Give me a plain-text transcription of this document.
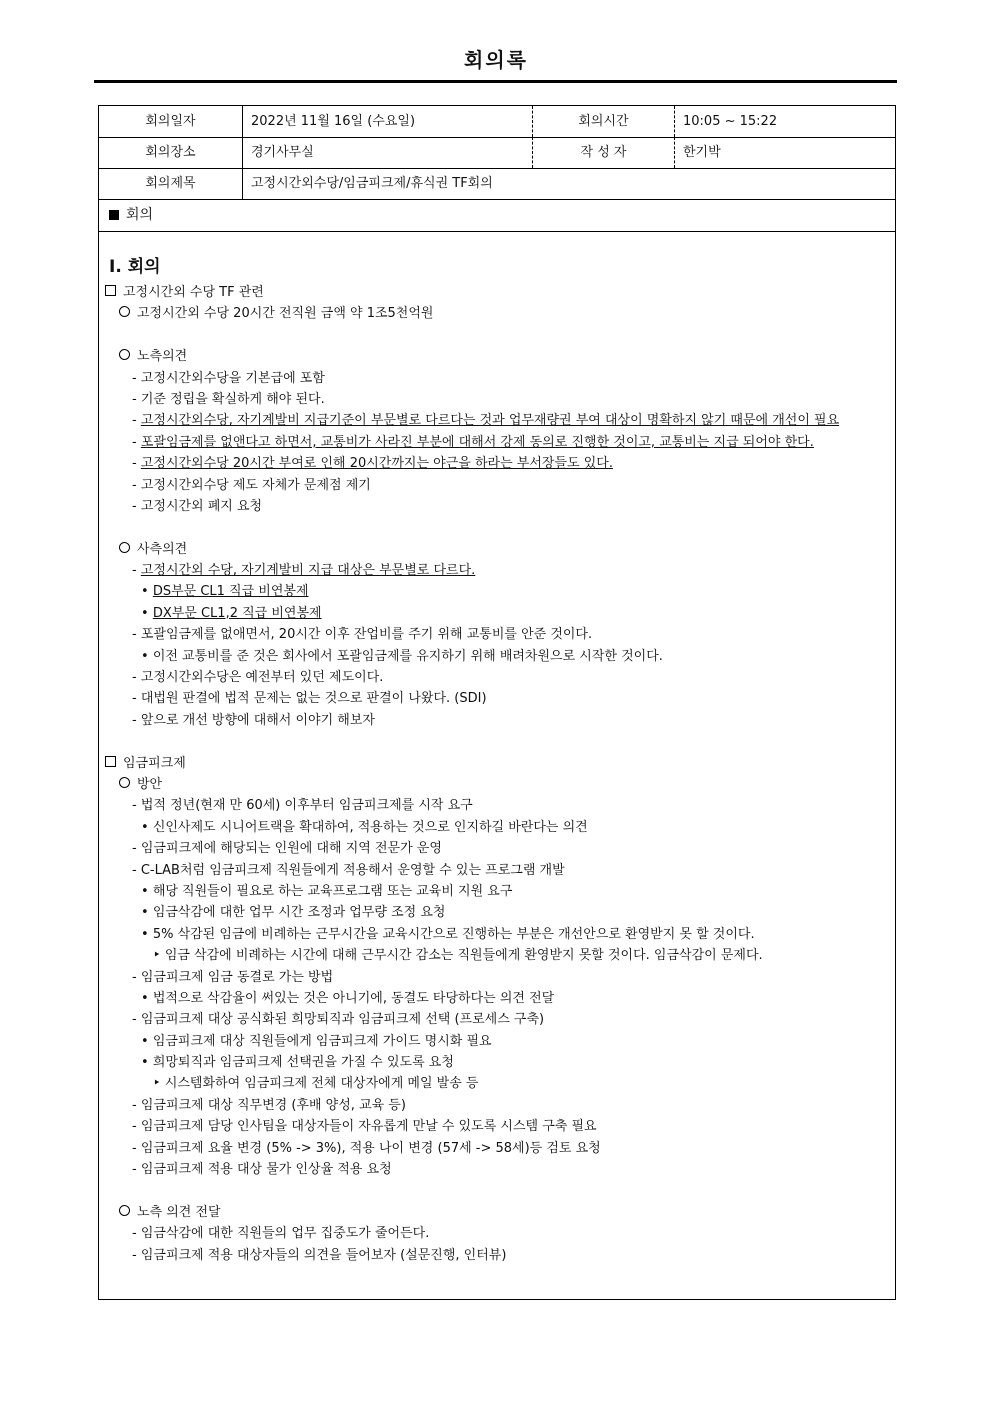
회의록
회의일자	2022년 11월 16일 (수요일)	회의시간	10:05 ~ 15:22
회의장소	경기사무실	작 성 자	한기박
회의제목	고정시간외수당/임금피크제/휴식권 TF회의
회의
Ⅰ. 회의
고정시간외 수당 TF 관련
고정시간외 수당 20시간 전직원 금액 약 1조5천억원
노측의견
- 고정시간외수당을 기본급에 포함
- 기준 정립을 확실하게 해야 된다.
- 고정시간외수당, 자기계발비 지급기준이 부문별로 다르다는 것과 업무재량권 부여 대상이 명확하지 않기 때문에 개선이 필요
- 포괄임금제를 없앤다고 하면서, 교통비가 사라진 부분에 대해서 강제 동의로 진행한 것이고, 교통비는 지급 되어야 한다.
- 고정시간외수당 20시간 부여로 인해 20시간까지는 야근을 하라는 부서장들도 있다.
- 고정시간외수당 제도 자체가 문제점 제기
- 고정시간외 폐지 요청
사측의견
- 고정시간외 수당, 자기계발비 지급 대상은 부문별로 다르다.
• DS부문 CL1 직급 비연봉제
• DX부문 CL1,2 직급 비연봉제
- 포괄임금제를 없애면서, 20시간 이후 잔업비를 주기 위해 교통비를 안준 것이다.
• 이전 교통비를 준 것은 회사에서 포괄임금제를 유지하기 위해 배려차원으로 시작한 것이다.
- 고정시간외수당은 예전부터 있던 제도이다.
- 대법원 판결에 법적 문제는 없는 것으로 판결이 나왔다. (SDI)
- 앞으로 개선 방향에 대해서 이야기 해보자
임금피크제
방안
- 법적 정년(현재 만 60세) 이후부터 임금피크제를 시작 요구
• 신인사제도 시니어트랙을 확대하여, 적용하는 것으로 인지하길 바란다는 의견
- 임금피크제에 해당되는 인원에 대해 지역 전문가 운영
- C-LAB처럼 임금피크제 직원들에게 적용해서 운영할 수 있는 프로그램 개발
• 해당 직원들이 필요로 하는 교육프로그램 또는 교육비 지원 요구
• 임금삭감에 대한 업무 시간 조정과 업무량 조정 요청
• 5% 삭감된 임금에 비례하는 근무시간을 교육시간으로 진행하는 부분은 개선안으로 환영받지 못 할 것이다.
‣ 임금 삭감에 비례하는 시간에 대해 근무시간 감소는 직원들에게 환영받지 못할 것이다. 임금삭감이 문제다.
- 임금피크제 임금 동결로 가는 방법
• 법적으로 삭감율이 써있는 것은 아니기에, 동결도 타당하다는 의견 전달
- 임금피크제 대상 공식화된 희망퇴직과 임금피크제 선택 (프로세스 구축)
• 임금피크제 대상 직원들에게 임금피크제 가이드 명시화 필요
• 희망퇴직과 임금피크제 선택권을 가질 수 있도록 요청
‣ 시스템화하여 임금피크제 전체 대상자에게 메일 발송 등
- 임금피크제 대상 직무변경 (후배 양성, 교육 등)
- 임금피크제 담당 인사팀을 대상자들이 자유롭게 만날 수 있도록 시스템 구축 필요
- 임금피크제 요율 변경 (5% -> 3%), 적용 나이 변경 (57세 -> 58세)등 검토 요청
- 임금피크제 적용 대상 물가 인상율 적용 요청
노측 의견 전달
- 임금삭감에 대한 직원들의 업무 집중도가 줄어든다.
- 임금피크제 적용 대상자들의 의견을 들어보자 (설문진행, 인터뷰)
